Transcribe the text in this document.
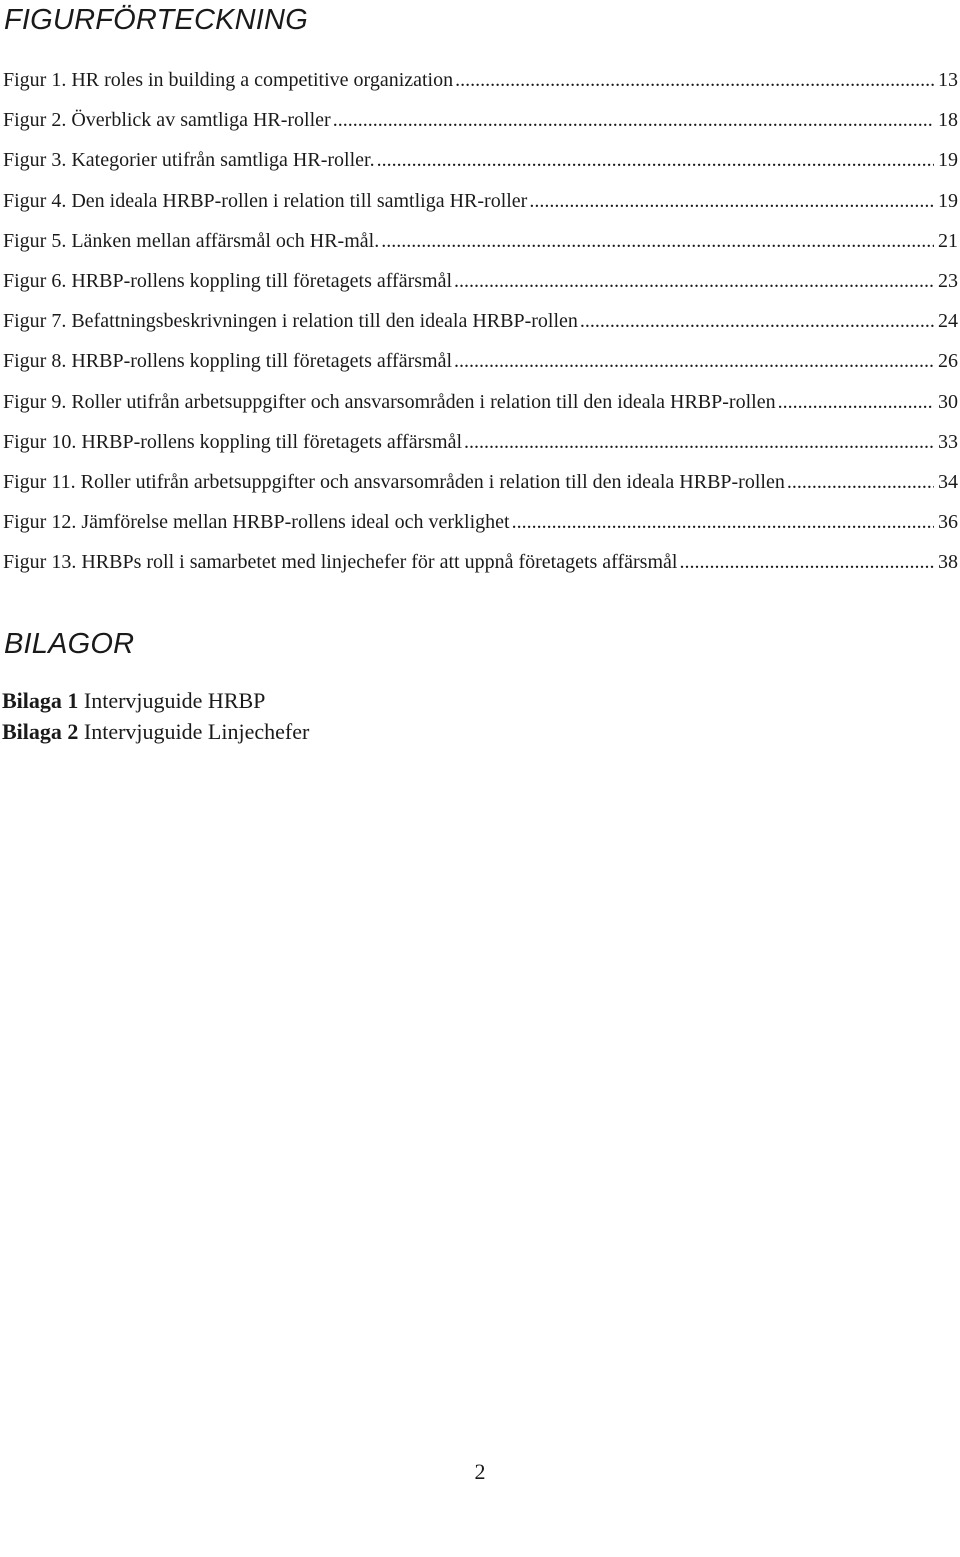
FIGURFÖRTECKNING
Figur 1. HR roles in building a competitive organization .....	13
Figur 2. Överblick av samtliga HR-roller .....	18
Figur 3. Kategorier utifrån samtliga HR-roller. .....	19
Figur 4. Den ideala HRBP-rollen i relation till samtliga HR-roller .....	19
Figur 5. Länken mellan affärsmål och HR-mål. .....	21
Figur 6. HRBP-rollens koppling till företagets affärsmål .....	23
Figur 7. Befattningsbeskrivningen i relation till den ideala HRBP-rollen .....	24
Figur 8. HRBP-rollens koppling till företagets affärsmål .....	26
Figur 9. Roller utifrån arbetsuppgifter och ansvarsområden i relation till den ideala HRBP-rollen .....	30
Figur 10. HRBP-rollens koppling till företagets affärsmål .....	33
Figur 11. Roller utifrån arbetsuppgifter och ansvarsområden i relation till den ideala HRBP-rollen .....	34
Figur 12. Jämförelse mellan HRBP-rollens ideal och verklighet .....	36
Figur 13. HRBPs roll i samarbetet med linjechefer för att uppnå företagets affärsmål .....	38
BILAGOR
Bilaga 1 Intervjuguide HRBP
Bilaga 2 Intervjuguide Linjechefer
2
